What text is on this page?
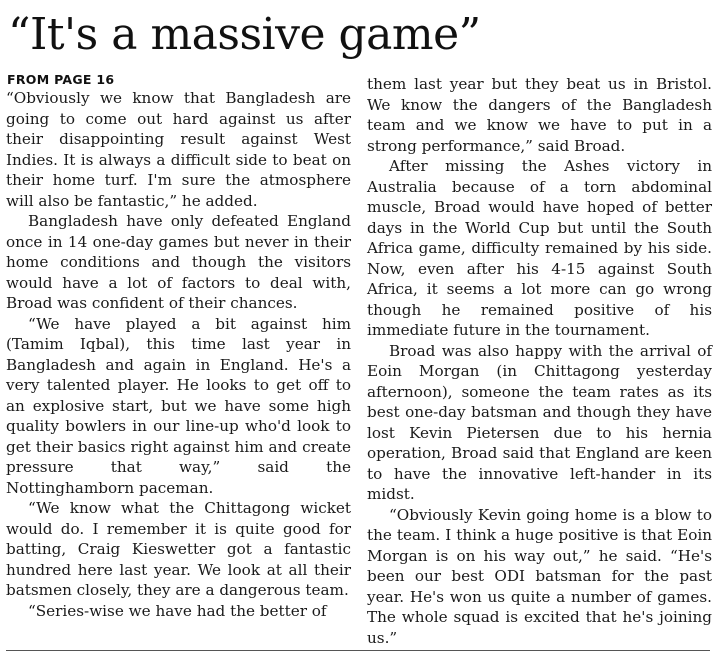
“It's a massive game”
FROM PAGE 16

“Obviously we know that Bangladesh are going to come out hard against us after their disappointing result against West Indies. It is always a difficult side to beat on their home turf. I'm sure the atmosphere will also be fantastic,” he added.

Bangladesh have only defeated England once in 14 one-day games but never in their home conditions and though the visitors would have a lot of factors to deal with, Broad was confident of their chances.

“We have played a bit against him (Tamim Iqbal), this time last year in Bangladesh and again in England. He's a very talented player. He looks to get off to an explosive start, but we have some high quality bowlers in our line-up who'd look to get their basics right against him and create pressure that way,” said the Nottinghamborn paceman.

“We know what the Chittagong wicket would do. I remember it is quite good for batting, Craig Kieswetter got a fantastic hundred here last year. We look at all their batsmen closely, they are a dangerous team.

“Series-wise we have had the better of

them last year but they beat us in Bristol. We know the dangers of the Bangladesh team and we know we have to put in a strong performance,” said Broad.

After missing the Ashes victory in Australia because of a torn abdominal muscle, Broad would have hoped of better days in the World Cup but until the South Africa game, difficulty remained by his side. Now, even after his 4-15 against South Africa, it seems a lot more can go wrong though he remained positive of his immediate future in the tournament.

Broad was also happy with the arrival of Eoin Morgan (in Chittagong yesterday afternoon), someone the team rates as its best one-day batsman and though they have lost Kevin Pietersen due to his hernia operation, Broad said that England are keen to have the innovative left-hander in its midst.

“Obviously Kevin going home is a blow to the team. I think a huge positive is that Eoin Morgan is on his way out,” he said. “He's been our best ODI batsman for the past year. He's won us quite a number of games. The whole squad is excited that he's joining us.”
